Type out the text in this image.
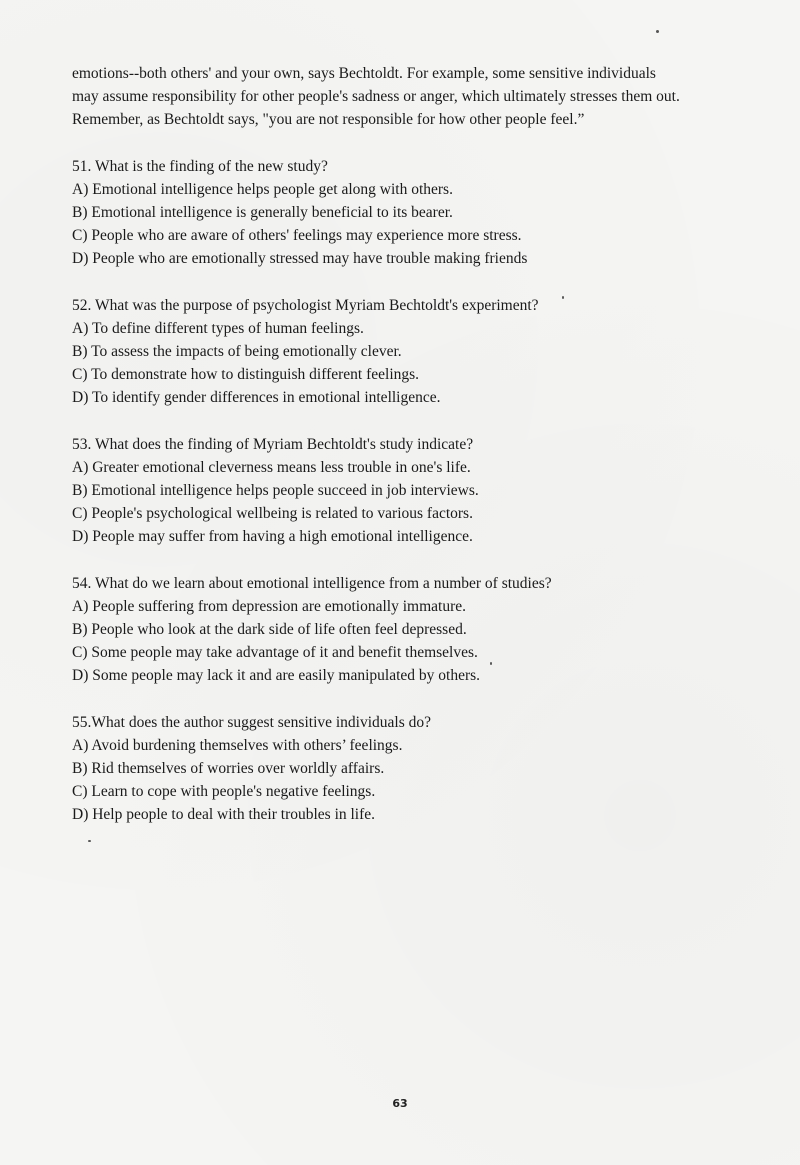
emotions--both others' and your own, says Bechtoldt. For example, some sensitive individuals

may assume responsibility for other people's sadness or anger, which ultimately stresses them out.

Remember, as Bechtoldt says, "you are not responsible for how other people feel.”

51. What is the finding of the new study?
A) Emotional intelligence helps people get along with others.
B) Emotional intelligence is generally beneficial to its bearer.
C) People who are aware of others' feelings may experience more stress.
D) People who are emotionally stressed may have trouble making friends
52. What was the purpose of psychologist Myriam Bechtoldt's experiment?
A) To define different types of human feelings.
B) To assess the impacts of being emotionally clever.
C) To demonstrate how to distinguish different feelings.
D) To identify gender differences in emotional intelligence.
53. What does the finding of Myriam Bechtoldt's study indicate?
A) Greater emotional cleverness means less trouble in one's life.
B) Emotional intelligence helps people succeed in job interviews.
C) People's psychological wellbeing is related to various factors.
D) People may suffer from having a high emotional intelligence.
54. What do we learn about emotional intelligence from a number of studies?
A) People suffering from depression are emotionally immature.
B) People who look at the dark side of life often feel depressed.
C) Some people may take advantage of it and benefit themselves.
D) Some people may lack it and are easily manipulated by others.
55.What does the author suggest sensitive individuals do?
A) Avoid burdening themselves with others’ feelings.
B) Rid themselves of worries over worldly affairs.
C) Learn to cope with people's negative feelings.
D) Help people to deal with their troubles in life.
63
